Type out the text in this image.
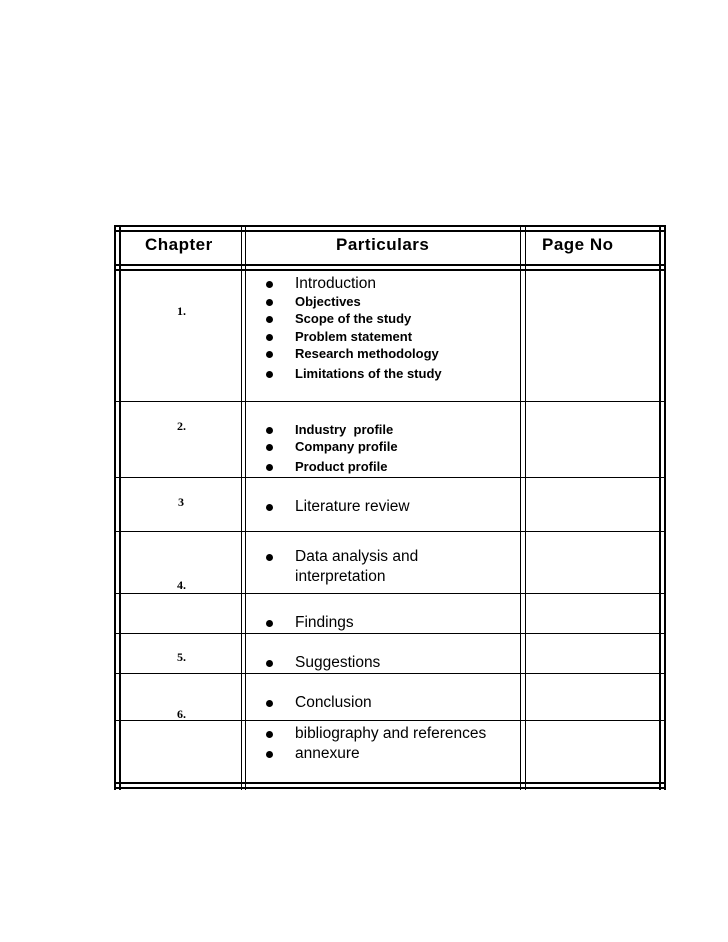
Chapter	Particulars	Page No
1.
2.
3
4.
5.
6.
Introduction
Objectives
Scope of the study
Problem statement
Research methodology
Limitations of the study
Industry  profile
Company profile
Product profile
Literature review
Data analysis and
interpretation
Findings
Suggestions
Conclusion
bibliography and references
annexure
